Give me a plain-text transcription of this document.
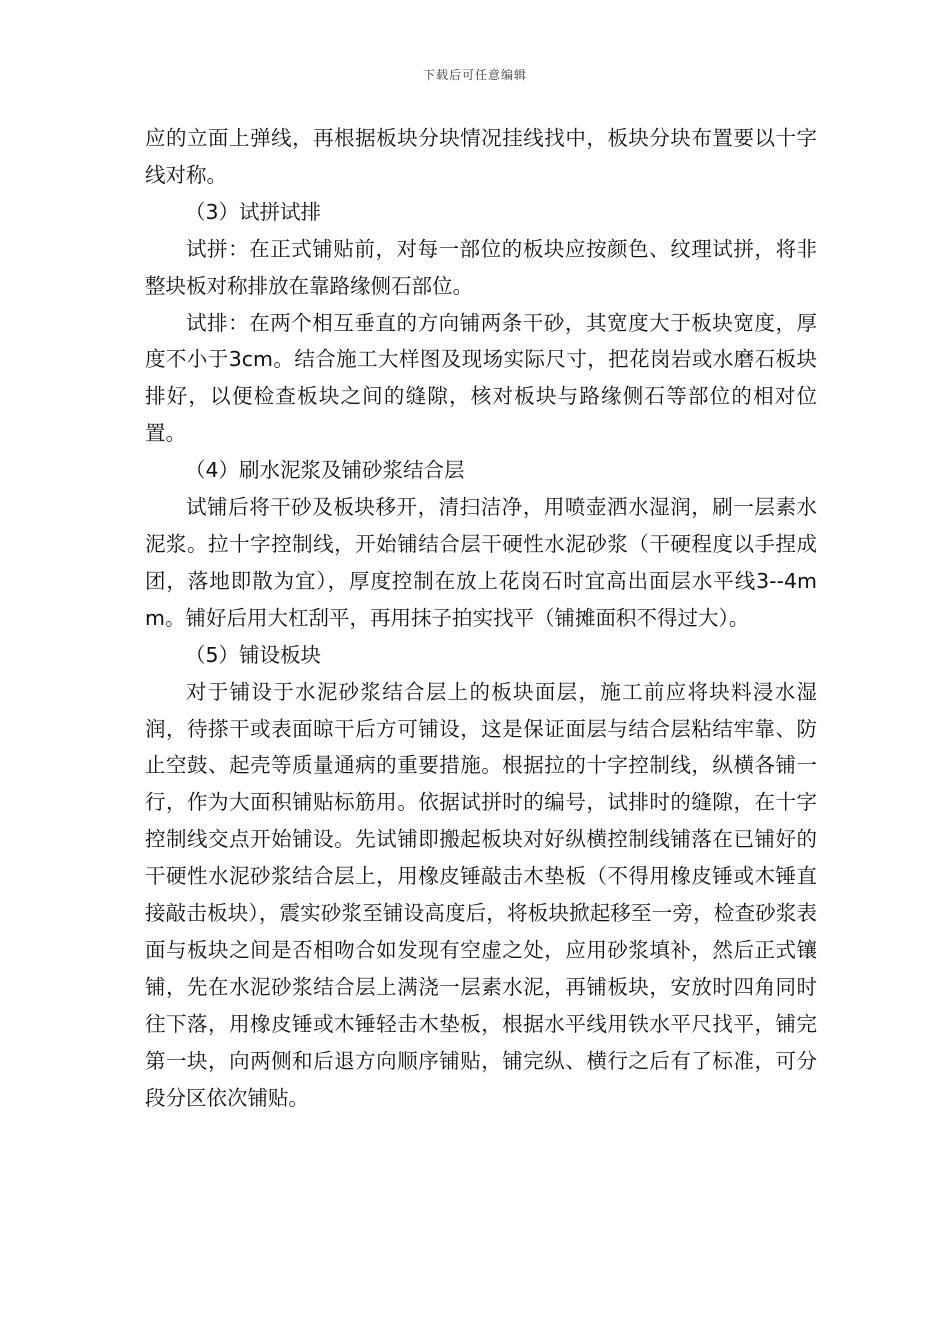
下载后可任意编辑

应的立面上弹线，再根据板块分块情况挂线找中，板块分块布置要以十字线对称。

（3）试拼试排

试拼：在正式铺贴前，对每一部位的板块应按颜色、纹理试拼，将非整块板对称排放在靠路缘侧石部位。

试排：在两个相互垂直的方向铺两条干砂，其宽度大于板块宽度，厚度不小于3cm。结合施工大样图及现场实际尺寸，把花岗岩或水磨石板块排好，以便检查板块之间的缝隙，核对板块与路缘侧石等部位的相对位置。

（4）刷水泥浆及铺砂浆结合层

试铺后将干砂及板块移开，清扫洁净，用喷壶洒水湿润，刷一层素水泥浆。拉十字控制线，开始铺结合层干硬性水泥砂浆（干硬程度以手捏成团，落地即散为宜），厚度控制在放上花岗石时宜高出面层水平线3--4mm。铺好后用大杠刮平，再用抹子拍实找平（铺摊面积不得过大）。

（5）铺设板块

对于铺设于水泥砂浆结合层上的板块面层，施工前应将块料浸水湿润，待搽干或表面晾干后方可铺设，这是保证面层与结合层粘结牢靠、防止空鼓、起壳等质量通病的重要措施。根据拉的十字控制线，纵横各铺一行，作为大面积铺贴标筋用。依据试拼时的编号，试排时的缝隙，在十字控制线交点开始铺设。先试铺即搬起板块对好纵横控制线铺落在已铺好的干硬性水泥砂浆结合层上，用橡皮锤敲击木垫板（不得用橡皮锤或木锤直接敲击板块），震实砂浆至铺设高度后，将板块掀起移至一旁，检查砂浆表面与板块之间是否相吻合如发现有空虚之处，应用砂浆填补，然后正式镶铺，先在水泥砂浆结合层上满浇一层素水泥，再铺板块，安放时四角同时往下落，用橡皮锤或木锤轻击木垫板，根据水平线用铁水平尺找平，铺完第一块，向两侧和后退方向顺序铺贴，铺完纵、横行之后有了标准，可分段分区依次铺贴。
